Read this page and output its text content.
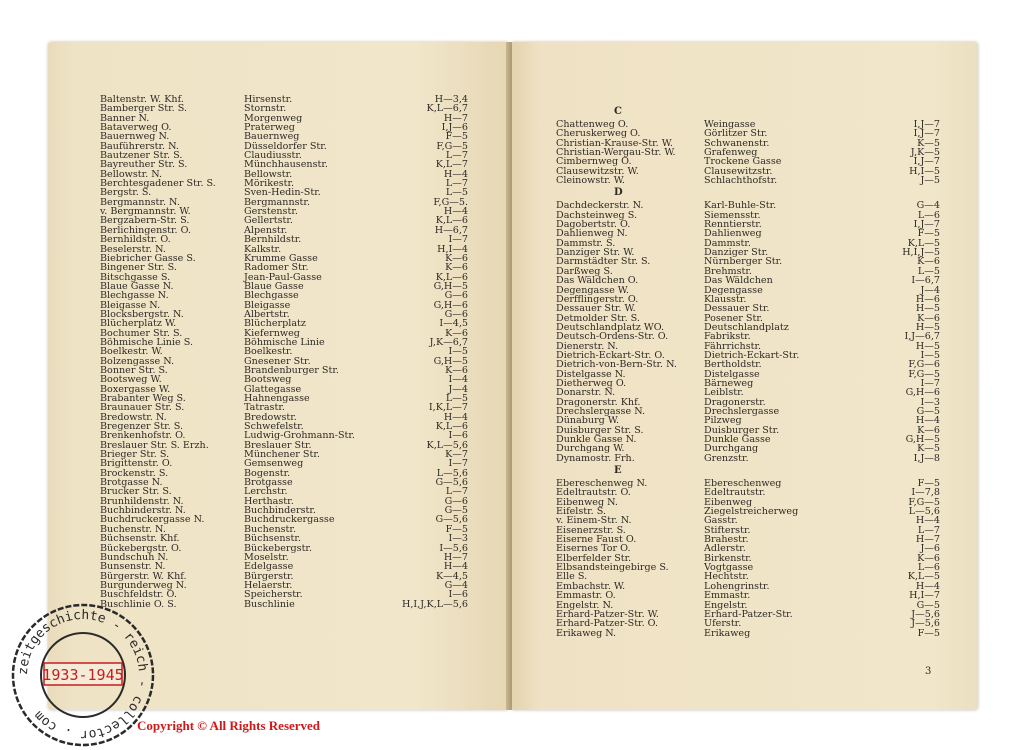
Baltenstr. W. Khf.	Hirsenstr.	H—3,4
Bamberger Str. S.	Stornstr.	K,L—6,7
Banner N.	Morgenweg	H—7
Bataverweg O.	Praterweg	I,J—6
Bauernweg N.	Bauernweg	F—5
Bauführerstr. N.	Düsseldorfer Str.	F,G—5
Bautzener Str. S.	Claudiusstr.	L—7
Bayreuther Str. S.	Münchhausenstr.	K,L—7
Bellowstr. N.	Bellowstr.	H—4
Berchtesgadener Str. S.	Mörikestr.	L—7
Bergstr. S.	Sven-Hedin-Str.	L—5
Bergmannstr. N.	Bergmannstr.	F,G—5.
v. Bergmannstr. W.	Gerstenstr.	H—4
Bergzabern-Str. S.	Gellertstr.	K,L—6
Berlichingenstr. O.	Alpenstr.	H—6,7
Bernhildstr. O.	Bernhildstr.	I—7
Beselerstr. N.	Kalkstr.	H,I—4
Biebricher Gasse S.	Krumme Gasse	K—6
Bingener Str. S.	Radomer Str.	K—6
Bitschgasse S.	Jean-Paul-Gasse	K,L—6
Blaue Gasse N.	Blaue Gasse	G,H—5
Blechgasse N.	Blechgasse	G—6
Bleigasse N.	Bleigasse	G,H—6
Blocksbergstr. N.	Albertstr.	G—6
Blücherplatz W.	Blücherplatz	I—4,5
Bochumer Str. S.	Kiefernweg	K—6
Böhmische Linie S.	Böhmische Linie	J,K—6,7
Boelkestr. W.	Boelkestr.	I—5
Bolzengasse N.	Gnesener Str.	G,H—5
Bonner Str. S.	Brandenburger Str.	K—6
Bootsweg W.	Bootsweg	I—4
Boxergasse W.	Glattegasse	J—4
Brabanter Weg S.	Hahnengasse	L—5
Braunauer Str. S.	Tatrastr.	I,K,L—7
Bredowstr. N.	Bredowstr.	H—4
Bregenzer Str. S.	Schwefelstr.	K,L—6
Brenkenhofstr. O.	Ludwig-Grohmann-Str.	I—6
Breslauer Str. S. Erzh.	Breslauer Str.	K,L—5,6
Brieger Str. S.	Münchener Str.	K—7
Brigittenstr. O.	Gemsenweg	I—7
Brockenstr. S.	Bogenstr.	L—5,6
Brotgasse N.	Brotgasse	G—5,6
Brucker Str. S.	Lerchstr.	L—7
Brunhildenstr. N.	Herthastr.	G—6
Buchbinderstr. N.	Buchbinderstr.	G—5
Buchdruckergasse N.	Buchdruckergasse	G—5,6
Buchenstr. N.	Buchenstr.	F—5
Büchsenstr. Khf.	Büchsenstr.	I—3
Bückebergstr. O.	Bückebergstr.	I—5,6
Bundschuh N.	Moselstr.	H—7
Bunsenstr. N.	Edelgasse	H—4
Bürgerstr. W. Khf.	Bürgerstr.	K—4,5
Burgunderweg N.	Helaerstr.	G—4
Buschfeldstr. O.	Speicherstr.	I—6
Buschlinie O. S.	Buschlinie	H,I,J,K,L—5,6
C
Chattenweg O.	Weingasse	I,J—7
Cheruskerweg O.	Görlitzer Str.	I,J—7
Christian-Krause-Str. W.	Schwanenstr.	K—5
Christian-Wergau-Str. W.	Grafenweg	J,K—5
Cimbernweg O.	Trockene Gasse	I,J—7
Clausewitzstr. W.	Clausewitzstr.	H,I—5
Cleinowstr. W.	Schlachthofstr.	J—5
D
Dachdeckerstr. N.	Karl-Buhle-Str.	G—4
Dachsteinweg S.	Siemensstr.	L—6
Dagobertstr. O.	Renntierstr.	I,J—7
Dahlienweg N.	Dahlienweg	F—5
Dammstr. S.	Dammstr.	K,L—5
Danziger Str. W.	Danziger Str.	H,I,J—5
Darmstädter Str. S.	Nürnberger Str.	K—6
Darßweg S.	Brehmstr.	L—5
Das Wäldchen O.	Das Wäldchen	I—6,7
Degengasse W.	Degengasse	J—4
Derfflingerstr. O.	Klausstr.	H—6
Dessauer Str. W.	Dessauer Str.	H—5
Detmolder Str. S.	Posener Str.	K—6
Deutschlandplatz WO.	Deutschlandplatz	H—5
Deutsch-Ordens-Str. O.	Fabrikstr.	I,J—6,7
Dienerstr. N.	Fährrichstr.	H—5
Dietrich-Eckart-Str. O.	Dietrich-Eckart-Str.	I—5
Dietrich-von-Bern-Str. N.	Bertholdstr.	F,G—6
Distelgasse N.	Distelgasse	F,G—5
Dietherweg O.	Bärneweg	I—7
Donarstr. N.	Leiblstr.	G,H—6
Dragonerstr. Khf.	Dragonerstr.	I—3
Drechslergasse N.	Drechslergasse	G—5
Dünaburg W.	Pilzweg	H—4
Duisburger Str. S.	Duisburger Str.	K—6
Dunkle Gasse N.	Dunkle Gasse	G,H—5
Durchgang W.	Durchgang	K—5
Dynamostr. Frh.	Grenzstr.	I,J—8
E
Ebereschenweg N.	Ebereschenweg	F—5
Edeltrautstr. O.	Edeltrautstr.	I—7,8
Eibenweg N.	Eibenweg	F,G—5
Eifelstr. S.	Ziegelstreicherweg	L—5,6
v. Einem-Str. N.	Gasstr.	H—4
Eisenerzstr. S.	Stifterstr.	L—7
Eiserne Faust O.	Brahestr.	H—7
Eisernes Tor O.	Adlerstr.	J—6
Elberfelder Str.	Birkenstr.	K—6
Elbsandsteingebirge S.	Vogtgasse	L—6
Elle S.	Hechtstr.	K,L—5
Embachstr. W.	Lohengrinstr.	H—4
Emmastr. O.	Emmastr.	H,I—7
Engelstr. N.	Engelstr.	G—5
Erhard-Patzer-Str. W.	Erhard-Patzer-Str.	J—5,6
Erhard-Patzer-Str. O.	Uferstr.	J—5,6
Erikaweg N.	Erikaweg	F—5
3
zeitgeschichte - reich - collector . com
1933-1945
Copyright © All Rights Reserved
